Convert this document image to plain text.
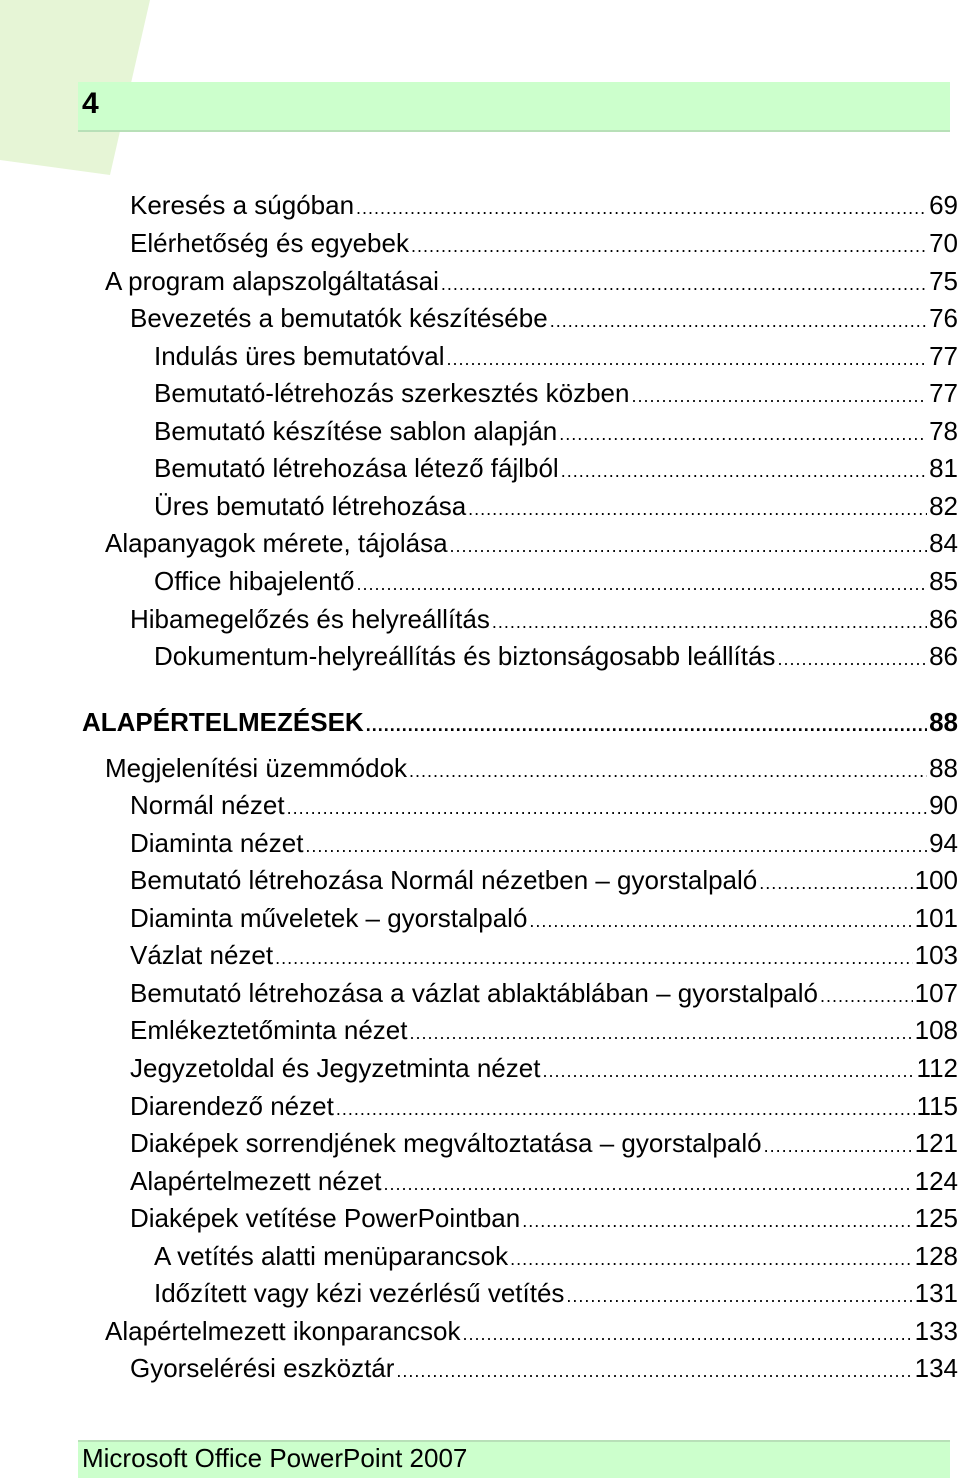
4
Keresés a súgóban .....	69
Elérhetőség és egyebek .....	70
A program alapszolgáltatásai .....	75
Bevezetés a bemutatók készítésébe .....	76
Indulás üres bemutatóval .....	77
Bemutató-létrehozás szerkesztés közben .....	77
Bemutató készítése sablon alapján .....	78
Bemutató létrehozása létező fájlból .....	81
Üres bemutató létrehozása .....	82
Alapanyagok mérete, tájolása .....	84
Office hibajelentő .....	85
Hibamegelőzés és helyreállítás .....	86
Dokumentum-helyreállítás és biztonságosabb leállítás .....	86
ALAPÉRTELMEZÉSEK .....	88
Megjelenítési üzemmódok .....	88
Normál nézet .....	90
Diaminta nézet .....	94
Bemutató létrehozása Normál nézetben – gyorstalpaló .....	100
Diaminta műveletek – gyorstalpaló .....	101
Vázlat nézet .....	103
Bemutató létrehozása a vázlat ablaktáblában – gyorstalpaló .....	107
Emlékeztetőminta nézet .....	108
Jegyzetoldal és Jegyzetminta nézet .....	112
Diarendező nézet .....	115
Diaképek sorrendjének megváltoztatása – gyorstalpaló .....	121
Alapértelmezett nézet .....	124
Diaképek vetítése PowerPointban .....	125
A vetítés alatti menüparancsok .....	128
Időzített vagy kézi vezérlésű vetítés .....	131
Alapértelmezett ikonparancsok .....	133
Gyorselérési eszköztár .....	134
Microsoft Office PowerPoint 2007
